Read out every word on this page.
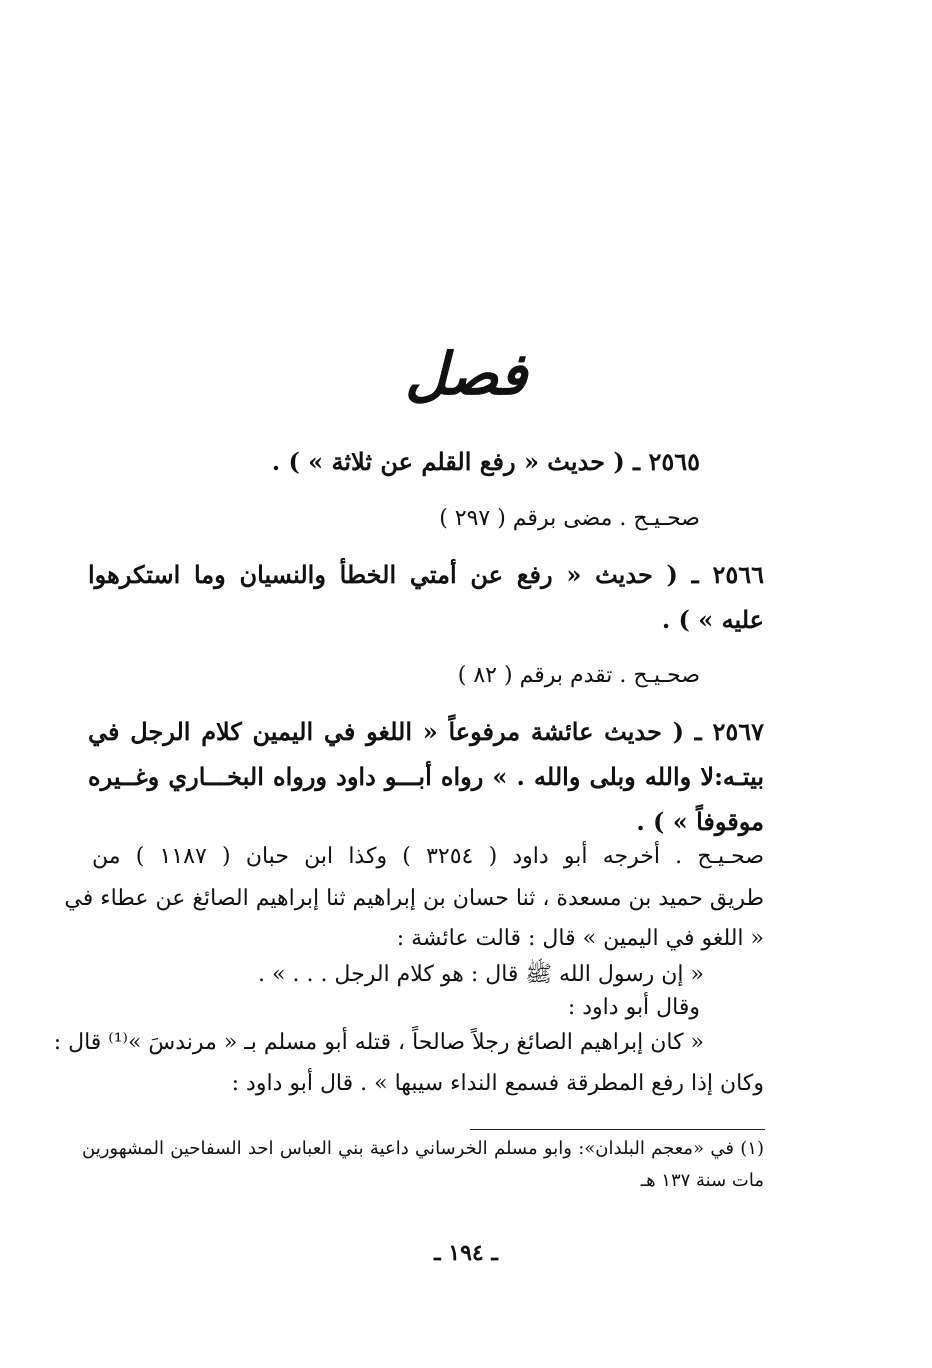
فصل
٢٥٦٥ ـ ( حديث « رفع القلم عن ثلاثة » ) .
صحـيـح . مضى برقم ( ٢٩٧ )
٢٥٦٦ ـ ( حديث « رفع عن أمتي الخطأ والنسيان وما استكرهوا
عليه » ) .
صحـيـح . تقدم برقم ( ٨٢ )
٢٥٦٧ ـ ( حديث عائشة مرفوعاً « اللغو في اليمين كلام الرجل في
بيتـه:لا والله وبلى والله . » رواه أبـــو داود ورواه البخـــاري وغــيره
موقوفاً » ) .
صحـيـح . أخرجه أبو داود ( ٣٢٥٤ ) وكذا ابن حبان ( ١١٨٧ ) من
طريق حميد بن مسعدة ، ثنا حسان بن إبراهيم ثنا إبراهيم الصائغ عن عطاء في
« اللغو في اليمين » قال : قالت عائشة :
« إن رسول الله ﷺ قال : هو كلام الرجل . . . » .
وقال أبو داود :
« كان إبراهيم الصائغ رجلاً صالحاً ، قتله أبو مسلم بـ « مرندسَ »⁽¹⁾ قال :
وكان إذا رفع المطرقة فسمع النداء سيبها » . قال أبو داود :
(١) في «معجم البلدان»: وابو مسلم الخرساني داعية بني العباس احد السفاحين المشهورين
مات سنة ١٣٧ هـ
ـ ١٩٤ ـ
